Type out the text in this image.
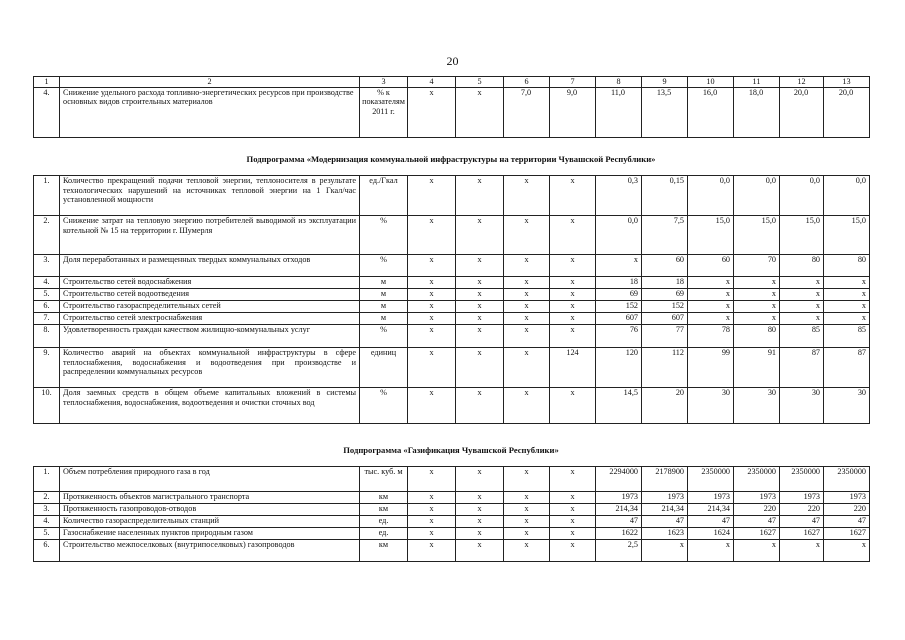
20
1	2	3	4	5	6	7	8	9	10	11	12	13
4.	Снижение удельного расхода топливно-энергетических ресурсов при производстве основных видов строительных материалов	% к показателям 2011 г.	x	x	7,0	9,0	11,0	13,5	16,0	18,0	20,0	20,0
Подпрограмма «Модернизация коммунальной инфраструктуры на территории Чувашской Республики»
1.	Количество прекращений подачи тепловой энергии, теплоносителя в результате технологических нарушений на источниках тепловой энергии на 1 Гкал/час установленной мощности	ед./Гкал	x	x	x	x	0,3	0,15	0,0	0,0	0,0	0,0
2.	Снижение затрат на тепловую энергию потребителей выводимой из эксплуатации котельной № 15 на территории г. Шумерля	%	x	x	x	x	0,0	7,5	15,0	15,0	15,0	15,0
3.	Доля переработанных и размещенных твердых коммунальных отходов	%	x	x	x	x	x	60	60	70	80	80
4.	Строительство сетей водоснабжения	м	x	x	x	x	18	18	x	x	x	x
5.	Строительство сетей водоотведения	м	x	x	x	x	69	69	x	x	x	x
6.	Строительство газораспределительных сетей	м	x	x	x	x	152	152	x	x	x	x
7.	Строительство сетей электроснабжения	м	x	x	x	x	607	607	x	x	x	x
8.	Удовлетворенность граждан качеством жилищно-коммунальных услуг	%	x	x	x	x	76	77	78	80	85	85
9.	Количество аварий на объектах коммунальной инфраструктуры в сфере теплоснабжения, водоснабжения и водоотведения при производстве и распределении коммунальных ресурсов	единиц	x	x	x	124	120	112	99	91	87	87
10.	Доля заемных средств в общем объеме капитальных вложений в системы теплоснабжения, водоснабжения, водоотведения и очистки сточных вод	%	x	x	x	x	14,5	20	30	30	30	30
Подпрограмма «Газификация Чувашской Республики»
1.	Объем потребления природного газа в год	тыс. куб. м	x	x	x	x	2294000	2178900	2350000	2350000	2350000	2350000
2.	Протяженность объектов магистрального транспорта	км	x	x	x	x	1973	1973	1973	1973	1973	1973
3.	Протяженность газопроводов-отводов	км	x	x	x	x	214,34	214,34	214,34	220	220	220
4.	Количество газораспределительных станций	ед.	x	x	x	x	47	47	47	47	47	47
5.	Газоснабжение населенных пунктов природным газом	ед.	x	x	x	x	1622	1623	1624	1627	1627	1627
6.	Строительство межпоселковых (внутрипоселковых) газопроводов	км	x	x	x	x	2,5	x	x	x	x	x
